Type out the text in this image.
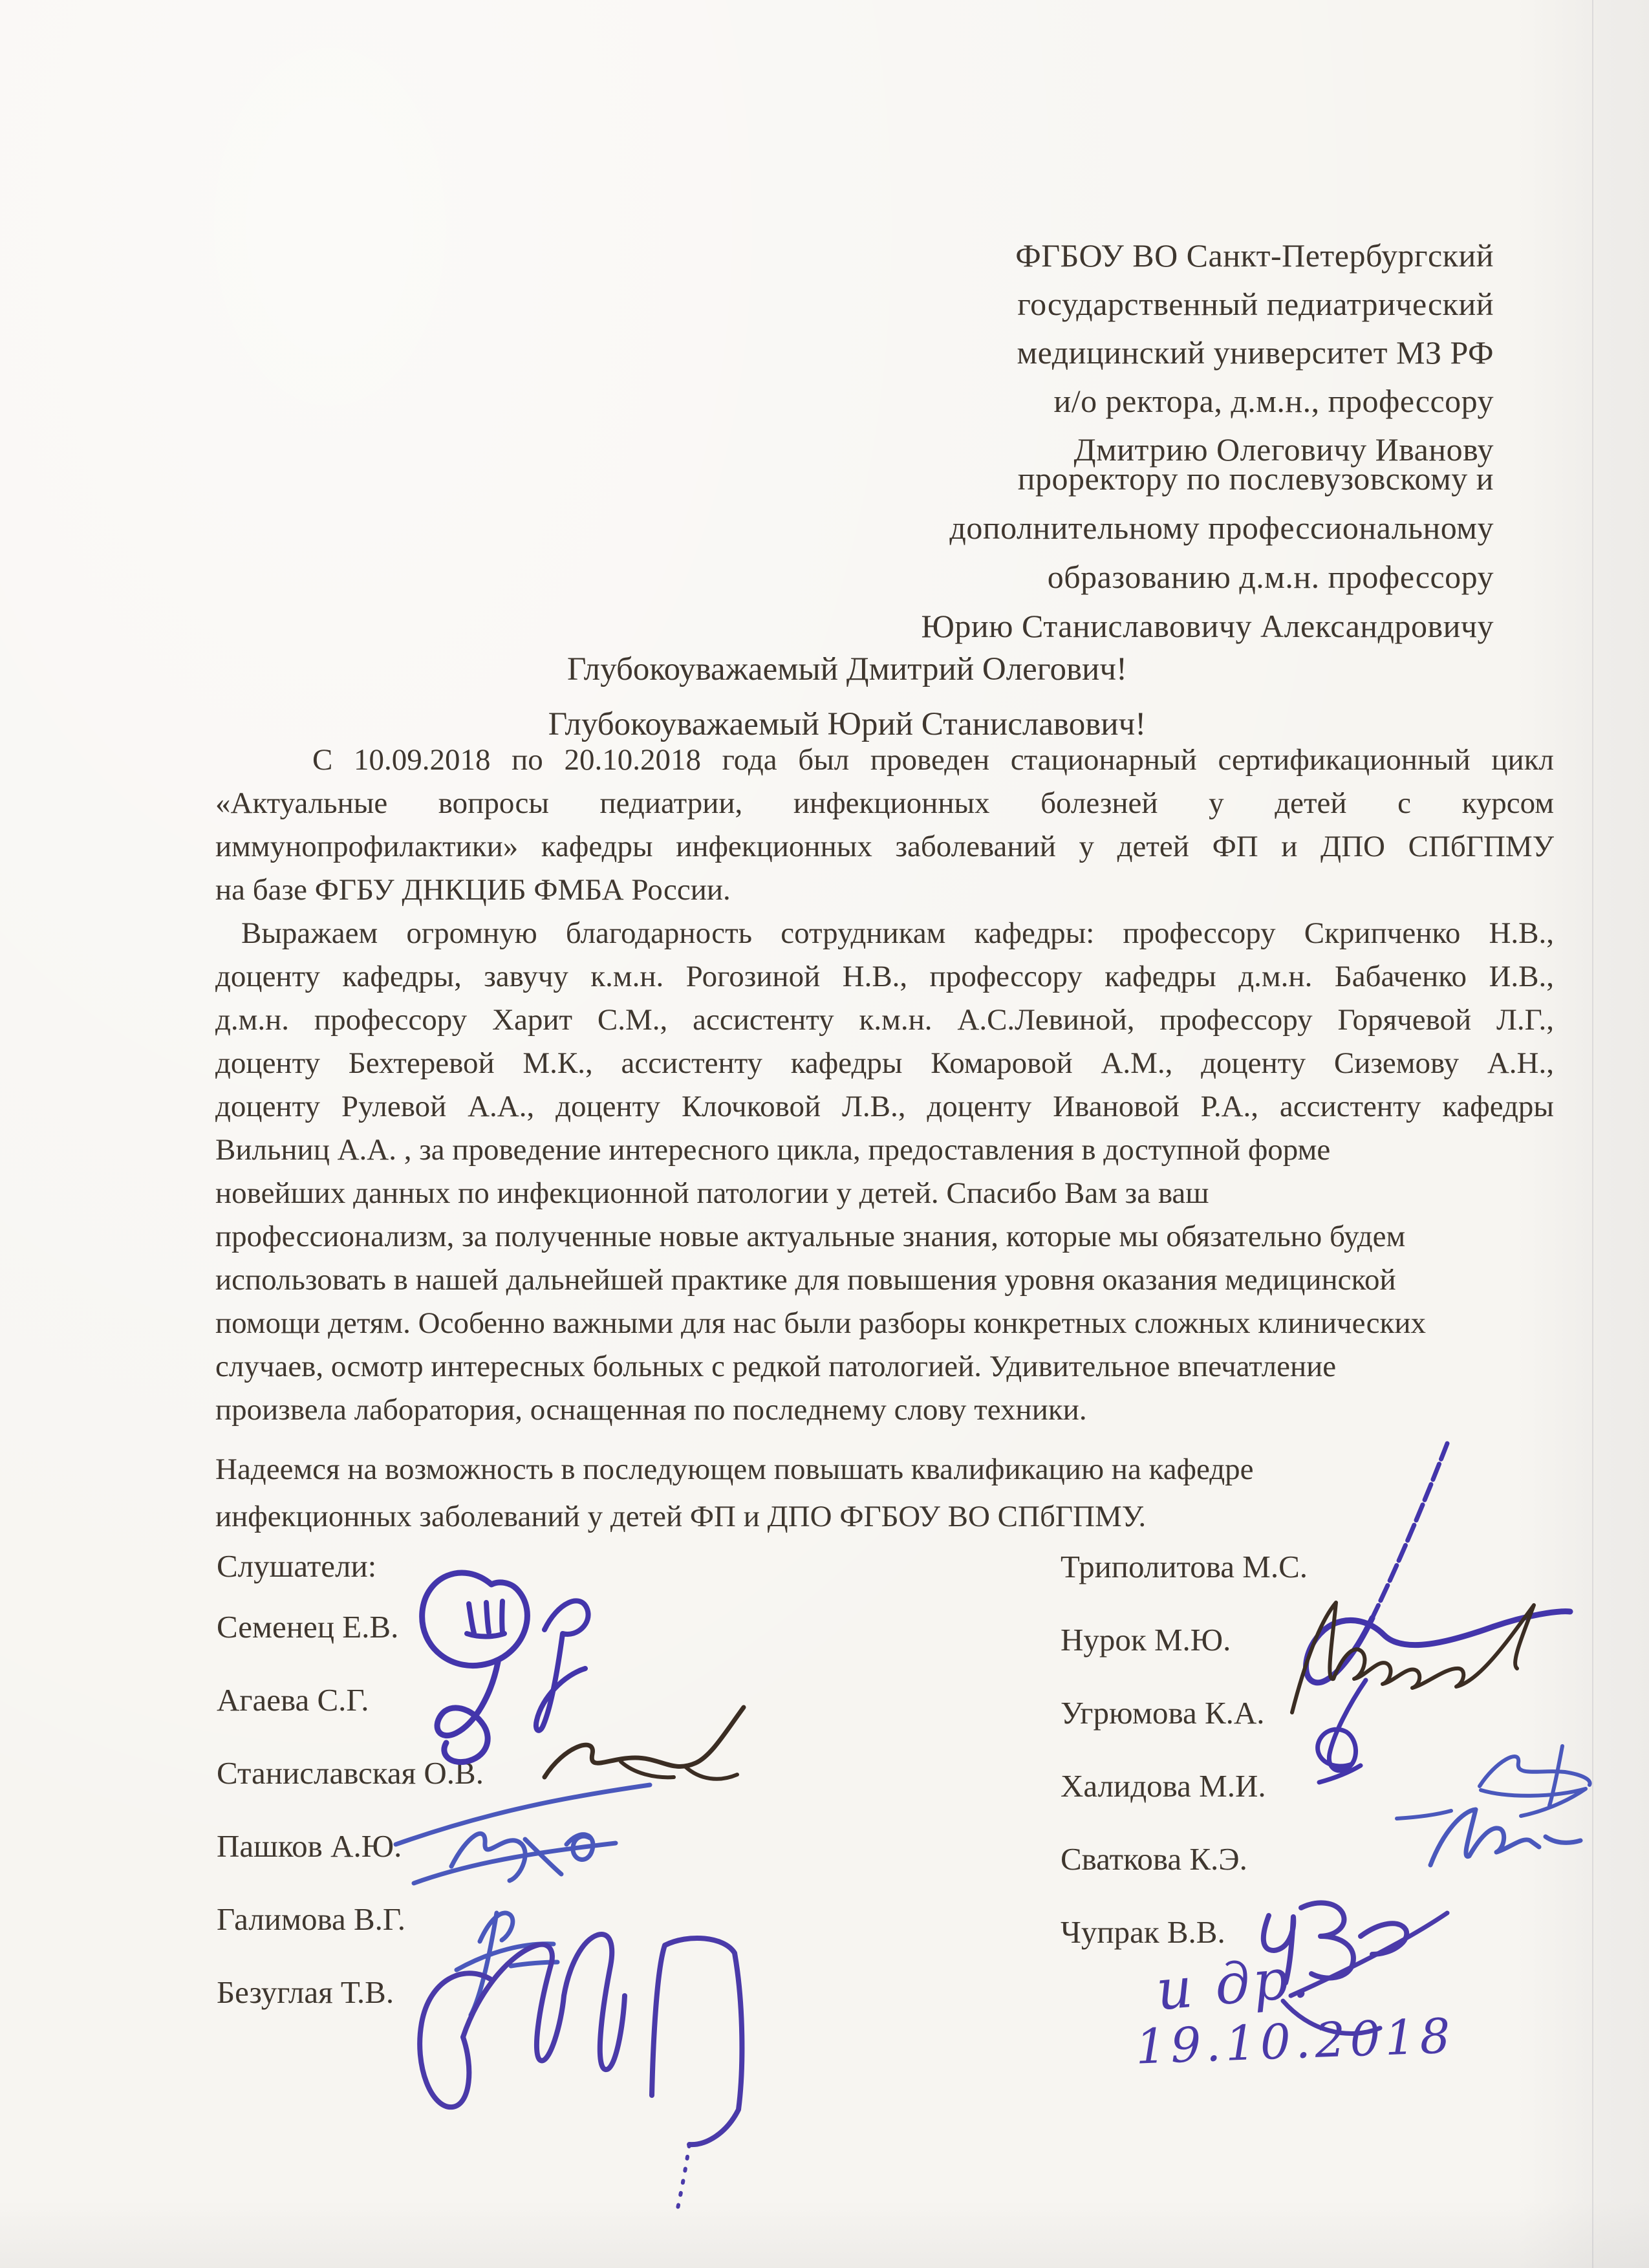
ФГБОУ ВО Санкт-Петербургский
государственный педиатрический
медицинский университет МЗ РФ
и/о ректора, д.м.н., профессору
Дмитрию Олеговичу Иванову
проректору по послевузовскому и
дополнительному профессиональному
образованию д.м.н. профессору
Юрию Станиславовичу Александровичу
Глубокоуважаемый Дмитрий Олегович!
Глубокоуважаемый Юрий Станиславович!
С 10.09.2018 по 20.10.2018 года был проведен стационарный сертификационный цикл
«Актуальные вопросы педиатрии, инфекционных болезней у детей с курсом
иммунопрофилактики» кафедры инфекционных заболеваний у детей ФП и ДПО СПбГПМУ
на базе ФГБУ ДНКЦИБ ФМБА России.
Выражаем огромную благодарность сотрудникам кафедры: профессору Скрипченко Н.В.,
доценту кафедры, завучу к.м.н. Рогозиной Н.В., профессору кафедры д.м.н. Бабаченко И.В.,
д.м.н. профессору Харит С.М., ассистенту к.м.н. А.С.Левиной, профессору Горячевой Л.Г.,
доценту Бехтеревой М.К., ассистенту кафедры Комаровой А.М., доценту Сиземову А.Н.,
доценту Рулевой А.А., доценту Клочковой Л.В., доценту Ивановой Р.А., ассистенту кафедры
Вильниц А.А. , за проведение интересного цикла, предоставления в доступной форме
новейших данных по инфекционной патологии у детей. Спасибо Вам за ваш
профессионализм, за полученные новые актуальные знания, которые мы обязательно будем
использовать в нашей дальнейшей практике для повышения уровня оказания медицинской
помощи детям. Особенно важными для нас были разборы конкретных сложных клинических
случаев, осмотр интересных больных с редкой патологией. Удивительное впечатление
произвела лаборатория, оснащенная по последнему слову техники.
Надеемся на возможность в последующем повышать квалификацию на кафедре
инфекционных заболеваний у детей ФП и ДПО ФГБОУ ВО СПбГПМУ.
Слушатели:
Семенец Е.В.
Агаева С.Г.
Станиславская О.В.
Пашков А.Ю.
Галимова В.Г.
Безуглая Т.В.
Триполитова М.С.
Нурок М.Ю.
Угрюмова К.А.
Халидова М.И.
Сваткова К.Э.
Чупрак В.В.
и др.
19.10.2018
